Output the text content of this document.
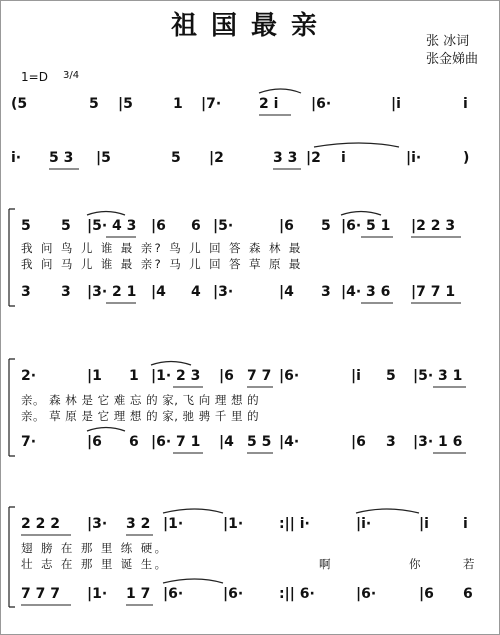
祖国最亲
张 冰词
张金娣曲
1=D 3/4
(5	5 |5	1 |7·	2 i |6·	|i	i
i· 5 3 |5	5 |2	3 3 |2 i	|i·	)
5 5 |5· 4 3 |6 6 |5·	|6 5 |6· 5 1 |2 2 3
我 问 鸟 儿 谁 最 亲? 鸟 儿 回 答 森 林 最
我 问 马 儿 谁 最 亲? 马 儿 回 答 草 原 最
3 3 |3· 2 1 |4 4 |3·	|4 3 |4· 3 6 |7 7 1
2·	|1 1 |1· 2 3 |6 7 7 |6·	|i 5 |5· 3 1
亲。 森 林 是 它 难 忘 的 家, 飞 向 理 想 的
亲。 草 原 是 它 理 想 的 家, 驰 骋 千 里 的
7·	|6 6 |6· 7 1 |4 5 5 |4·	|6 3 |3· 1 6
2 2 2 |3· 3 2 |1·	|1·	:|| i·	|i·	|i i
翅 膀 在 那 里 练 硬。
壮 志 在 那 里 诞 生。	啊	你	若
7 7 7 |1· 1 7 |6·	|6·	:|| 6·	|6·	|6 6
